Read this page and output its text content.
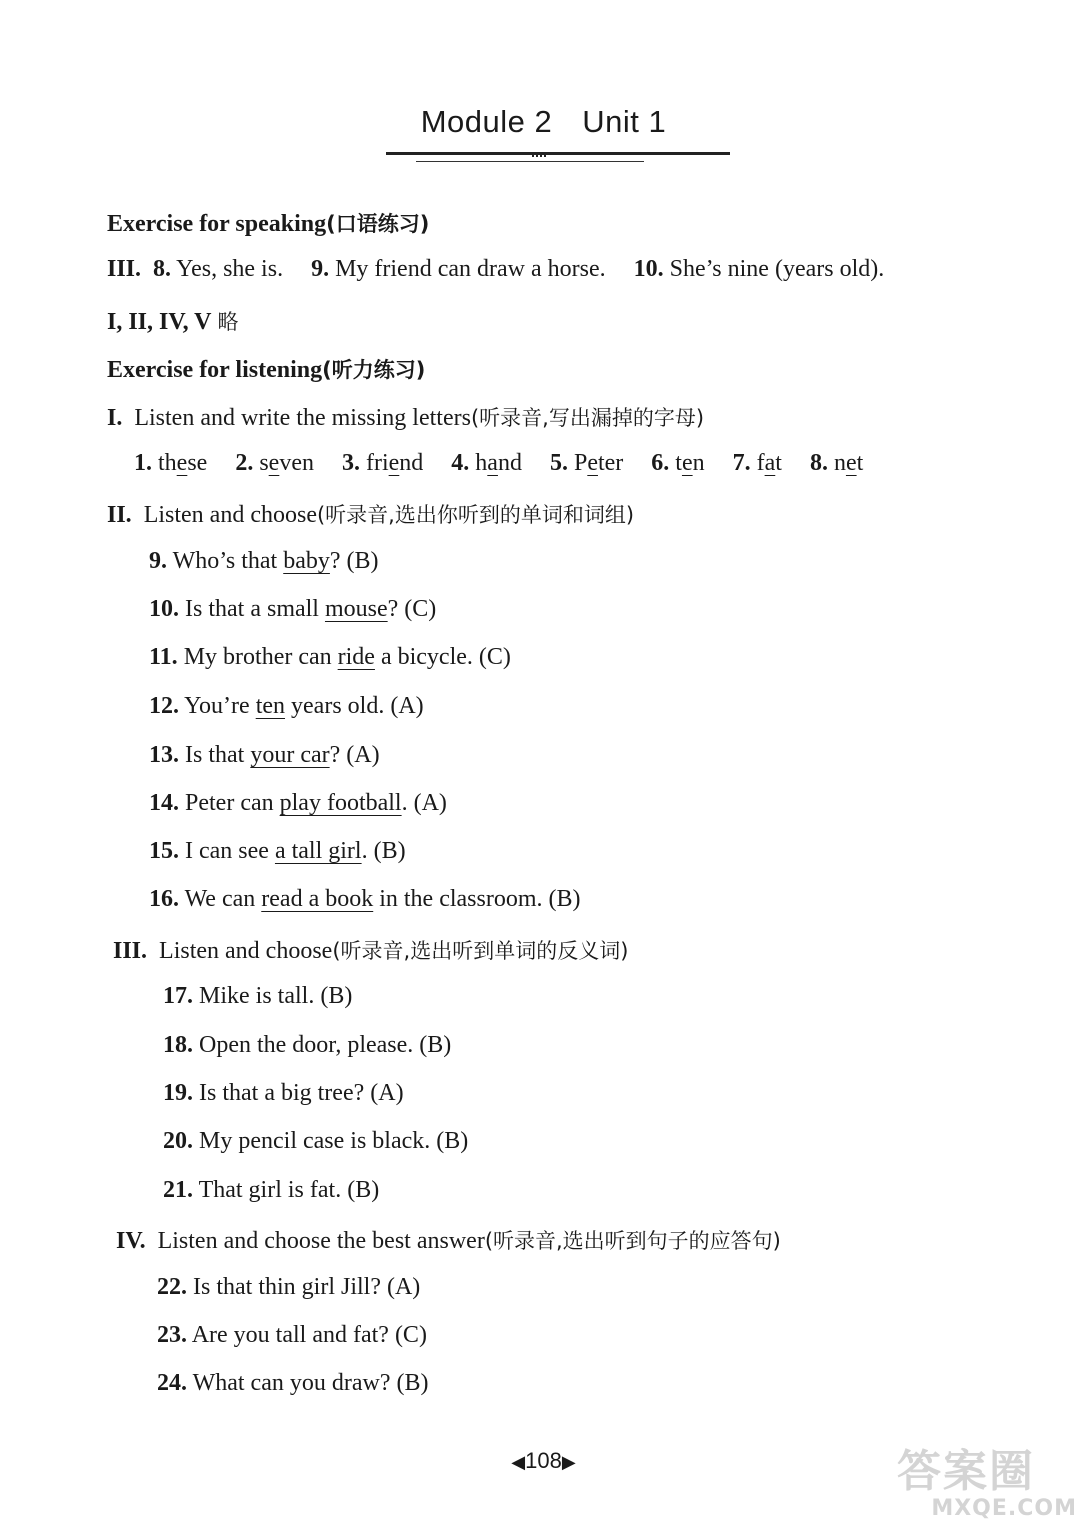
Module 2 Unit 1
Exercise for speaking(口语练习)
III. 8. Yes, she is. 9. My friend can draw a horse. 10. She’s nine (years old).
I, II, IV, V 略
Exercise for listening(听力练习)
I. Listen and write the missing letters(听录音,写出漏掉的字母)
1. these 2. seven 3. friend 4. hand 5. Peter 6. ten 7. fat 8. net
II. Listen and choose(听录音,选出你听到的单词和词组)
9. Who’s that baby? (B)
10. Is that a small mouse? (C)
11. My brother can ride a bicycle. (C)
12. You’re ten years old. (A)
13. Is that your car? (A)
14. Peter can play football. (A)
15. I can see a tall girl. (B)
16. We can read a book in the classroom. (B)
III. Listen and choose(听录音,选出听到单词的反义词)
17. Mike is tall. (B)
18. Open the door, please. (B)
19. Is that a big tree? (A)
20. My pencil case is black. (B)
21. That girl is fat. (B)
IV. Listen and choose the best answer(听录音,选出听到句子的应答句)
22. Is that thin girl Jill? (A)
23. Are you tall and fat? (C)
24. What can you draw? (B)
◀108▶	答案圈
MXQE.COM
